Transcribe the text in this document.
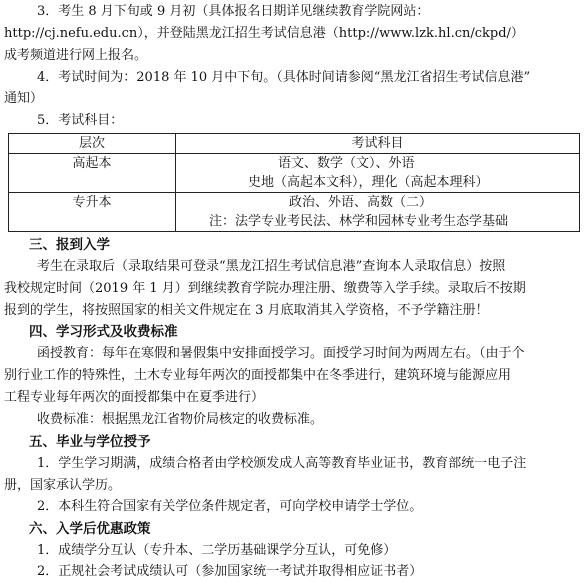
3．考生 8 月下旬或 9 月初（具体报名日期详见继续教育学院网站：
http://cj.nefu.edu.cn），并登陆黑龙江招生考试信息港（http://www.lzk.hl.cn/ckpd/）
成考频道进行网上报名。
4．考试时间为：2018 年 10 月中下旬。（具体时间请参阅“黑龙江省招生考试信息港”
通知）
5．考试科目：
层次	考试科目
高起本	语文、数学（文）、外语
史地（高起本文科），理化（高起本理科）

专升本	政治、外语、高数（二）
注：法学专业考民法、林学和园林专业考生态学基础
三、报到入学
考生在录取后（录取结果可登录“黑龙江招生考试信息港”查询本人录取信息）按照
我校规定时间（2019 年 1 月）到继续教育学院办理注册、缴费等入学手续。录取后不按期
报到的学生，将按照国家的相关文件规定在 3 月底取消其入学资格，不予学籍注册！
四、学习形式及收费标准
函授教育：每年在寒假和暑假集中安排面授学习。面授学习时间为两周左右。（由于个
别行业工作的特殊性，土木专业每年两次的面授都集中在冬季进行，建筑环境与能源应用
工程专业每年两次的面授都集中在夏季进行）
收费标准：根据黑龙江省物价局核定的收费标准。
五、毕业与学位授予
1．学生学习期满，成绩合格者由学校颁发成人高等教育毕业证书，教育部统一电子注
册，国家承认学历。
2．本科生符合国家有关学位条件规定者，可向学校申请学士学位。
六、入学后优惠政策
1．成绩学分互认（专升本、二学历基础课学分互认，可免修）
2．正规社会考试成绩认可（参加国家统一考试并取得相应证书者）
